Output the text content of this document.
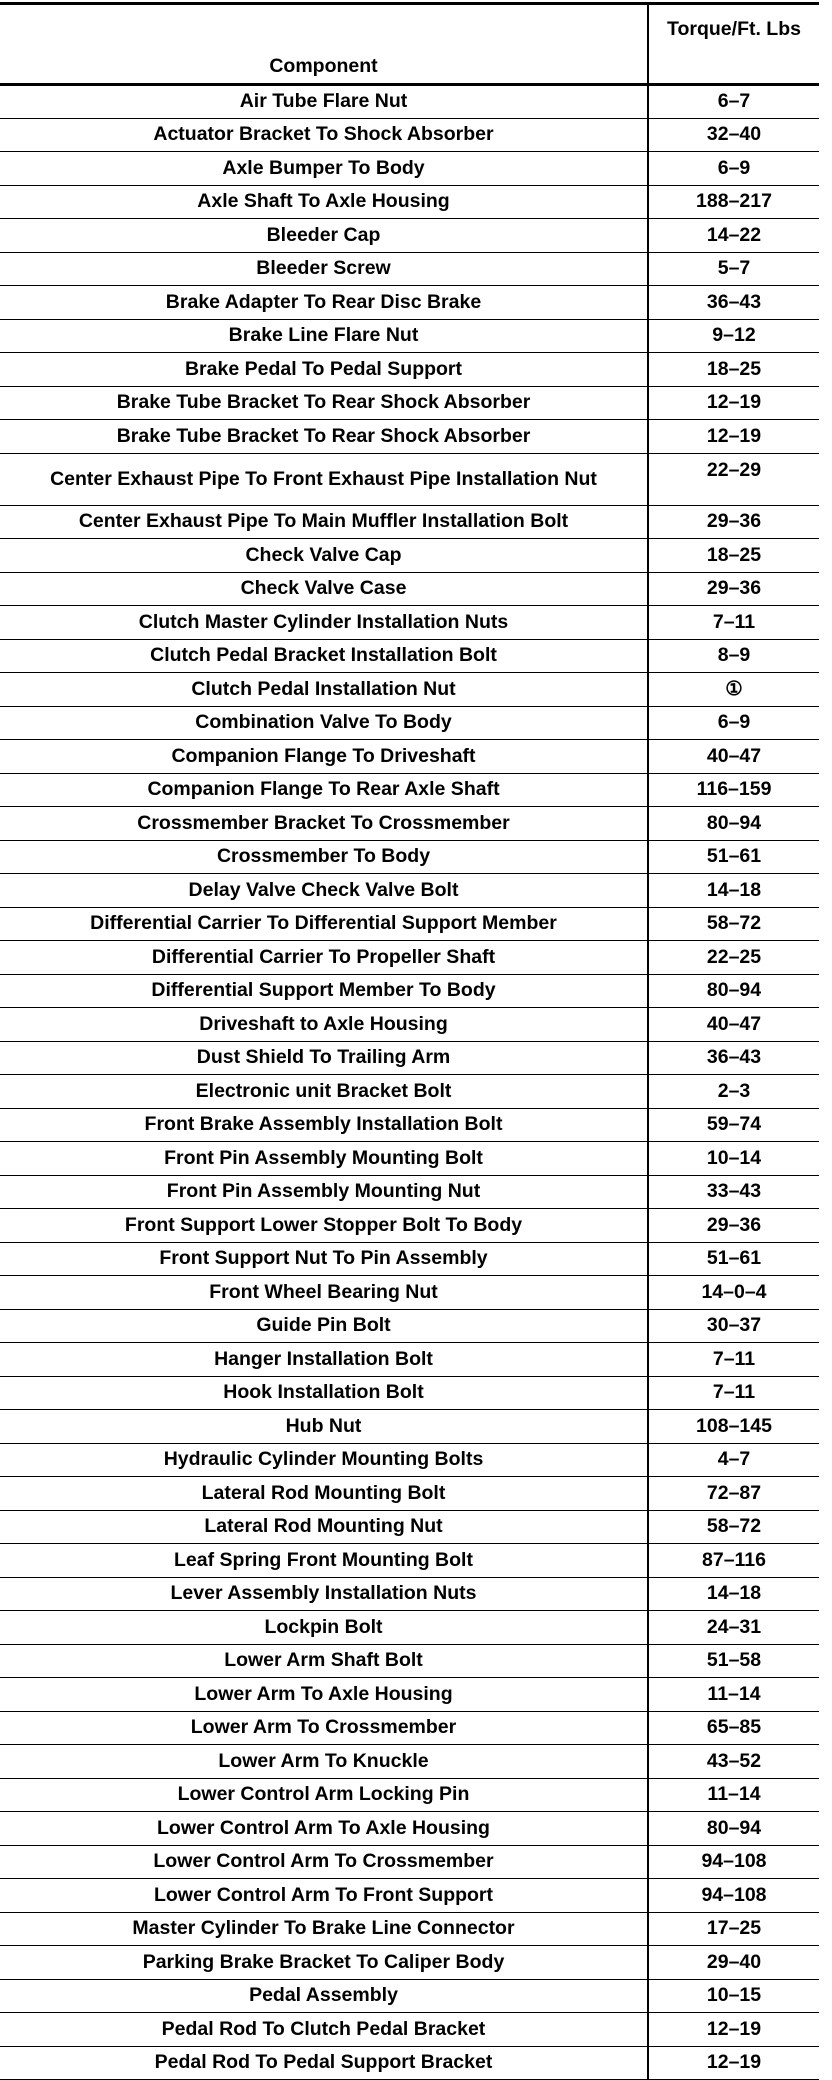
Component	Torque/Ft. Lbs
Air Tube Flare Nut	6–7
Actuator Bracket To Shock Absorber	32–40
Axle Bumper To Body	6–9
Axle Shaft To Axle Housing	188–217
Bleeder Cap	14–22
Bleeder Screw	5–7
Brake Adapter To Rear Disc Brake	36–43
Brake Line Flare Nut	9–12
Brake Pedal To Pedal Support	18–25
Brake Tube Bracket To Rear Shock Absorber	12–19
Brake Tube Bracket To Rear Shock Absorber	12–19
Center Exhaust Pipe To Front Exhaust Pipe Installation Nut	22–29
Center Exhaust Pipe To Main Muffler Installation Bolt	29–36
Check Valve Cap	18–25
Check Valve Case	29–36
Clutch Master Cylinder Installation Nuts	7–11
Clutch Pedal Bracket Installation Bolt	8–9
Clutch Pedal Installation Nut	①
Combination Valve To Body	6–9
Companion Flange To Driveshaft	40–47
Companion Flange To Rear Axle Shaft	116–159
Crossmember Bracket To Crossmember	80–94
Crossmember To Body	51–61
Delay Valve Check Valve Bolt	14–18
Differential Carrier To Differential Support Member	58–72
Differential Carrier To Propeller Shaft	22–25
Differential Support Member To Body	80–94
Driveshaft to Axle Housing	40–47
Dust Shield To Trailing Arm	36–43
Electronic unit Bracket Bolt	2–3
Front Brake Assembly Installation Bolt	59–74
Front Pin Assembly Mounting Bolt	10–14
Front Pin Assembly Mounting Nut	33–43
Front Support Lower Stopper Bolt To Body	29–36
Front Support Nut To Pin Assembly	51–61
Front Wheel Bearing Nut	14–0–4
Guide Pin Bolt	30–37
Hanger Installation Bolt	7–11
Hook Installation Bolt	7–11
Hub Nut	108–145
Hydraulic Cylinder Mounting Bolts	4–7
Lateral Rod Mounting Bolt	72–87
Lateral Rod Mounting Nut	58–72
Leaf Spring Front Mounting Bolt	87–116
Lever Assembly Installation Nuts	14–18
Lockpin Bolt	24–31
Lower Arm Shaft Bolt	51–58
Lower Arm To Axle Housing	11–14
Lower Arm To Crossmember	65–85
Lower Arm To Knuckle	43–52
Lower Control Arm Locking Pin	11–14
Lower Control Arm To Axle Housing	80–94
Lower Control Arm To Crossmember	94–108
Lower Control Arm To Front Support	94–108
Master Cylinder To Brake Line Connector	17–25
Parking Brake Bracket To Caliper Body	29–40
Pedal Assembly	10–15
Pedal Rod To Clutch Pedal Bracket	12–19
Pedal Rod To Pedal Support Bracket	12–19
